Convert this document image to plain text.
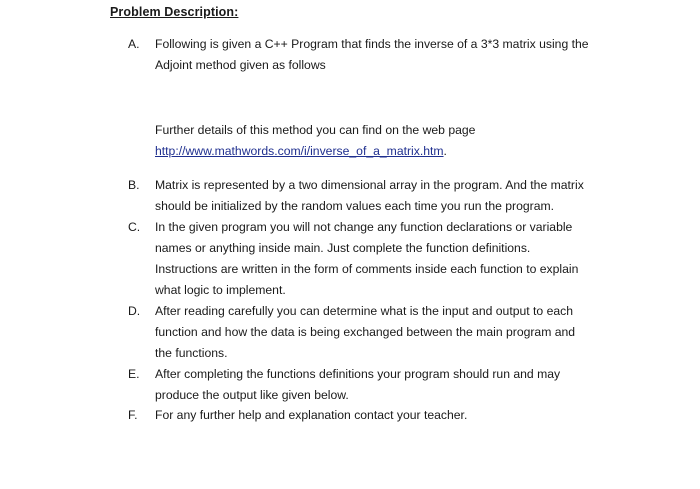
Problem Description:
A.	Following is given a C++ Program that finds the inverse of a 3*3 matrix using the
Adjoint method given as follows
Further details of this method you can find on the web page
http://www.mathwords.com/i/inverse_of_a_matrix.htm.
B.	Matrix is represented by a two dimensional array in the program. And the matrix
should be initialized by the random values each time you run the program.
C.	In the given program you will not change any function declarations or variable
names or anything inside main. Just complete the function definitions.
Instructions are written in the form of comments inside each function to explain
what logic to implement.
D.	After reading carefully you can determine what is the input and output to each
function and how the data is being exchanged between the main program and
the functions.
E.	After completing the functions definitions your program should run and may
produce the output like given below.
F.	For any further help and explanation contact your teacher.
